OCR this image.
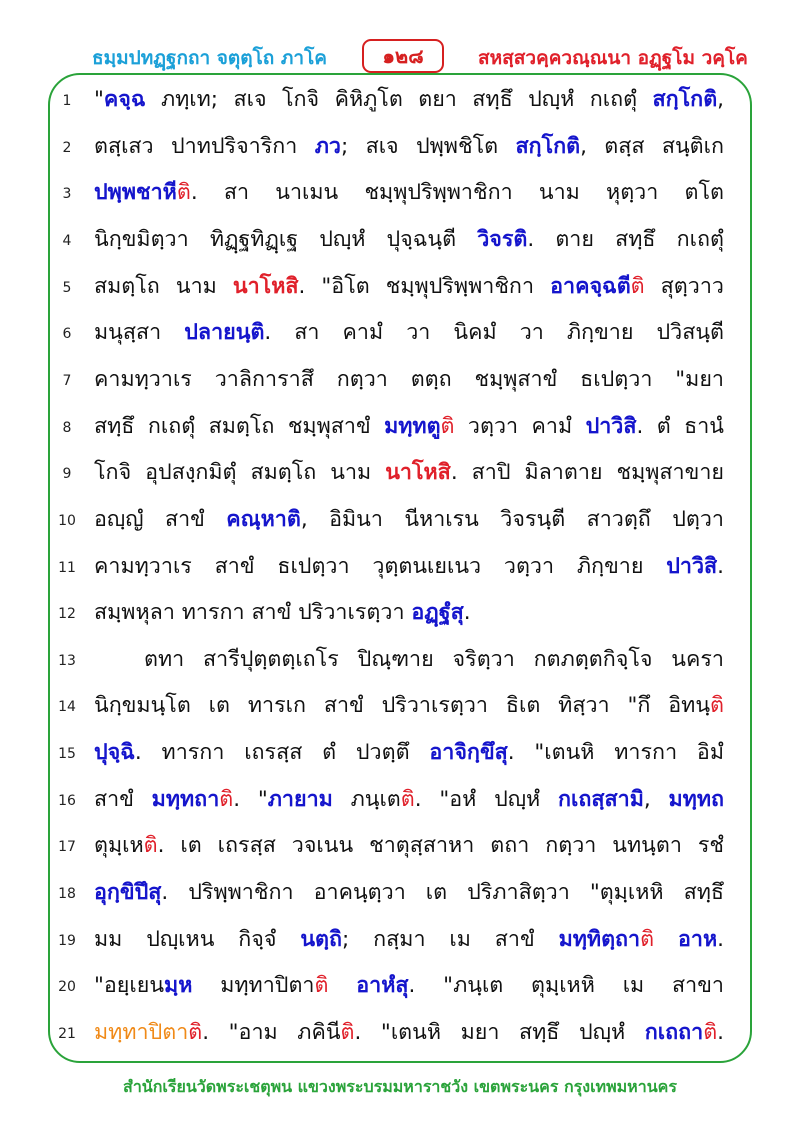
ธมฺมปทฏฺฐกถา จตุตฺโถ ภาโค	๑๒๘	สหสฺสวคฺควณฺณนา อฏฺฐโม วคฺโค
1	"คจฺฉ ภทฺเท; สเจ โกจิ คิหิภูโต ตยา สทฺธึ ปญฺหํ กเถตุํ สกฺโกติ,
2	ตสฺเสว ปาทปริจาริกา ภว; สเจ ปพฺพชิโต สกฺโกติ, ตสฺส สนฺติเก
3	ปพฺพชาหีติ. สา นาเมน ชมฺพุปริพฺพาชิกา นาม หุตฺวา ตโต
4	นิกฺขมิตฺวา ทิฏฺฐทิฏฺเฐ ปญฺหํ ปุจฺฉนฺตี วิจรติ. ตาย สทฺธึ กเถตุํ
5	สมตฺโถ นาม นาโหสิ. "อิโต ชมฺพุปริพฺพาชิกา อาคจฺฉตีติ สุตฺวาว
6	มนุสฺสา ปลายนฺติ. สา คามํ วา นิคมํ วา ภิกฺขาย ปวิสนฺตี
7	คามทฺวาเร วาลิการาสึ กตฺวา ตตฺถ ชมฺพุสาขํ ธเปตฺวา "มยา
8	สทฺธึ กเถตุํ สมตฺโถ ชมฺพุสาขํ มทฺทตูติ วตฺวา คามํ ปาวิสิ. ตํ ธานํ
9	โกจิ อุปสงฺกมิตุํ สมตฺโถ นาม นาโหสิ. สาปิ มิลาตาย ชมฺพุสาขาย
10 อญฺญํ สาขํ คณฺหาติ, อิมินา นีหาเรน วิจรนฺตี สาวตฺถึ ปตฺวา
11 คามทฺวาเร สาขํ ธเปตฺวา วุตฺตนเยเนว วตฺวา ภิกฺขาย ปาวิสิ.
12 สมฺพหุลา ทารกา สาขํ ปริวาเรตฺวา อฏฺฐํสุ.
13	ตทา สารีปุตฺตตฺเถโร ปิณฺฑาย จริตฺวา กตภตฺตกิจฺโจ นครา
14 นิกฺขมนฺโต เต ทารเก สาขํ ปริวาเรตฺวา ธิเต ทิสฺวา "กึ อิทนฺติ
15 ปุจฺฉิ. ทารกา เถรสฺส ตํ ปวตฺตึ อาจิกฺขึสุ. "เตนหิ ทารกา อิมํ
16 สาขํ มทฺทถาติ. "ภายาม ภนฺเตติ. "อหํ ปญฺหํ กเถสฺสามิ, มทฺทถ
17 ตุมฺเหติ. เต เถรสฺส วจเนน ชาตุสฺสาหา ตถา กตฺวา นทนฺตา รชํ
18 อุกฺขิปึสุ. ปริพฺพาชิกา อาคนฺตฺวา เต ปริภาสิตฺวา "ตุมฺเหหิ สทฺธึ
19 มม ปญฺเหน กิจฺจํ นตฺถิ; กสฺมา เม สาขํ มทฺทิตฺถาติ อาห.
20 "อยฺเยนมฺห มทฺทาปิตาติ อาหํสุ. "ภนฺเต ตุมฺเหหิ เม สาขา
21 มทฺทาปิตาติ. "อาม ภคินีติ. "เตนหิ มยา สทฺธึ ปญฺหํ กเถถาติ.
สำนักเรียนวัดพระเชตุพน แขวงพระบรมมหาราชวัง เขตพระนคร กรุงเทพมหานคร
